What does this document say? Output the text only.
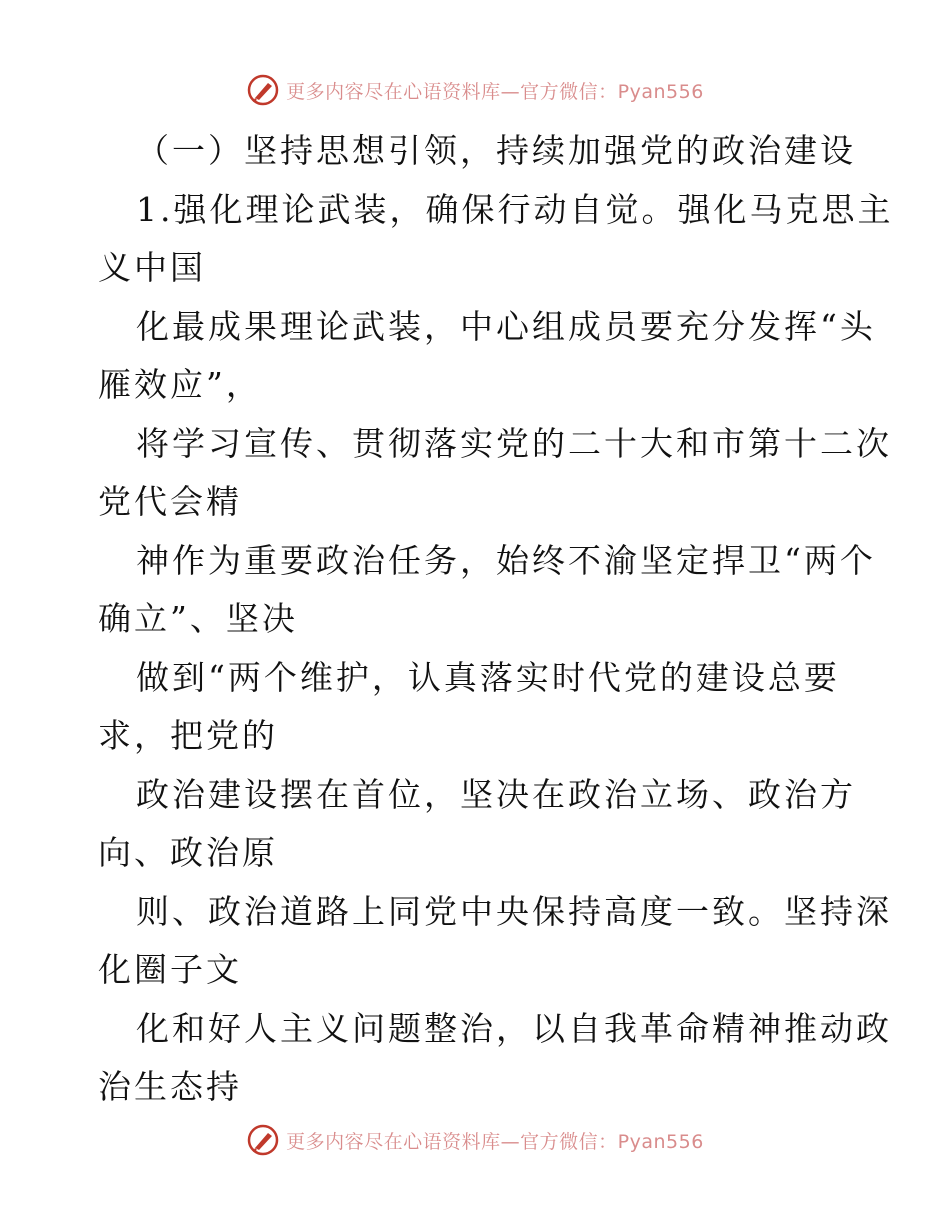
更多内容尽在心语资料库—官方微信：Pyan556
（一）坚持思想引领，持续加强党的政治建设
1.强化理论武装，确保行动自觉。强化马克思主
义中国
化最成果理论武装，中心组成员要充分发挥“头
雁效应”，
将学习宣传、贯彻落实党的二十大和市第十二次
党代会精
神作为重要政治任务，始终不渝坚定捍卫“两个
确立”、坚决
做到“两个维护，认真落实时代党的建设总要
求，把党的
政治建设摆在首位，坚决在政治立场、政治方
向、政治原
则、政治道路上同党中央保持高度一致。坚持深
化圈子文
化和好人主义问题整治，以自我革命精神推动政
治生态持
更多内容尽在心语资料库—官方微信：Pyan556
